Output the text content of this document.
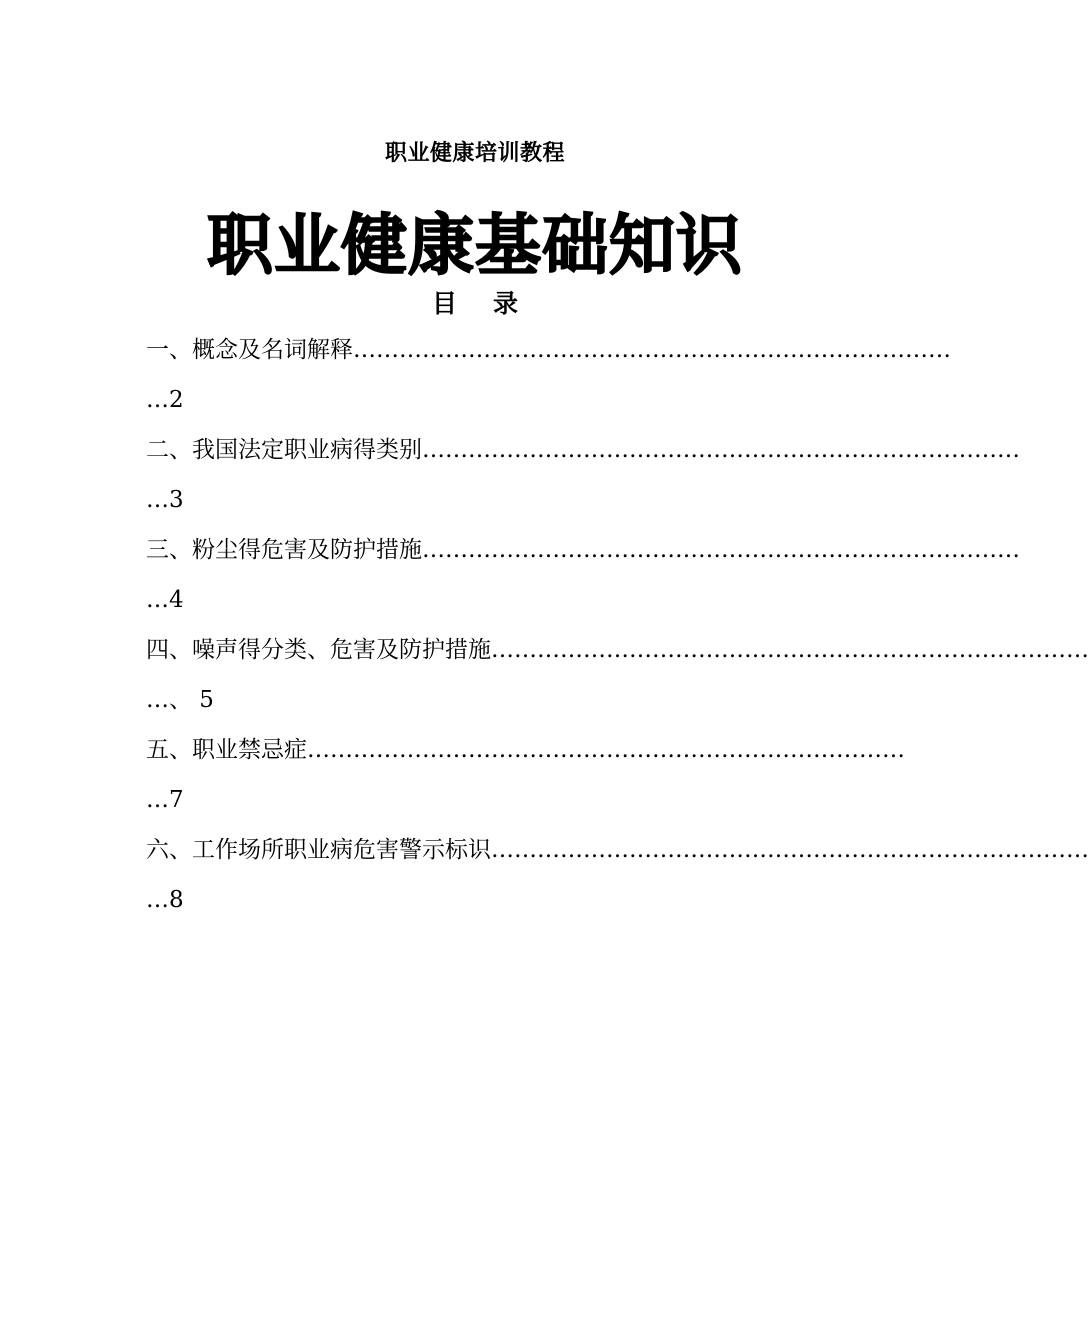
职业健康培训教程
职业健康基础知识
目 录
一、概念及名词解释 ……………………………………………………………………
…2
二、我国法定职业病得类别 ……………………………………………………………………
…3
三、粉尘得危害及防护措施 ……………………………………………………………………
…4
四、噪声得分类、危害及防护措施 ……………………………………………………………………
…、 5
五、职业禁忌症 ……………………………………………………………………
…7
六、工作场所职业病危害警示标识 ……………………………………………………………………
…8
